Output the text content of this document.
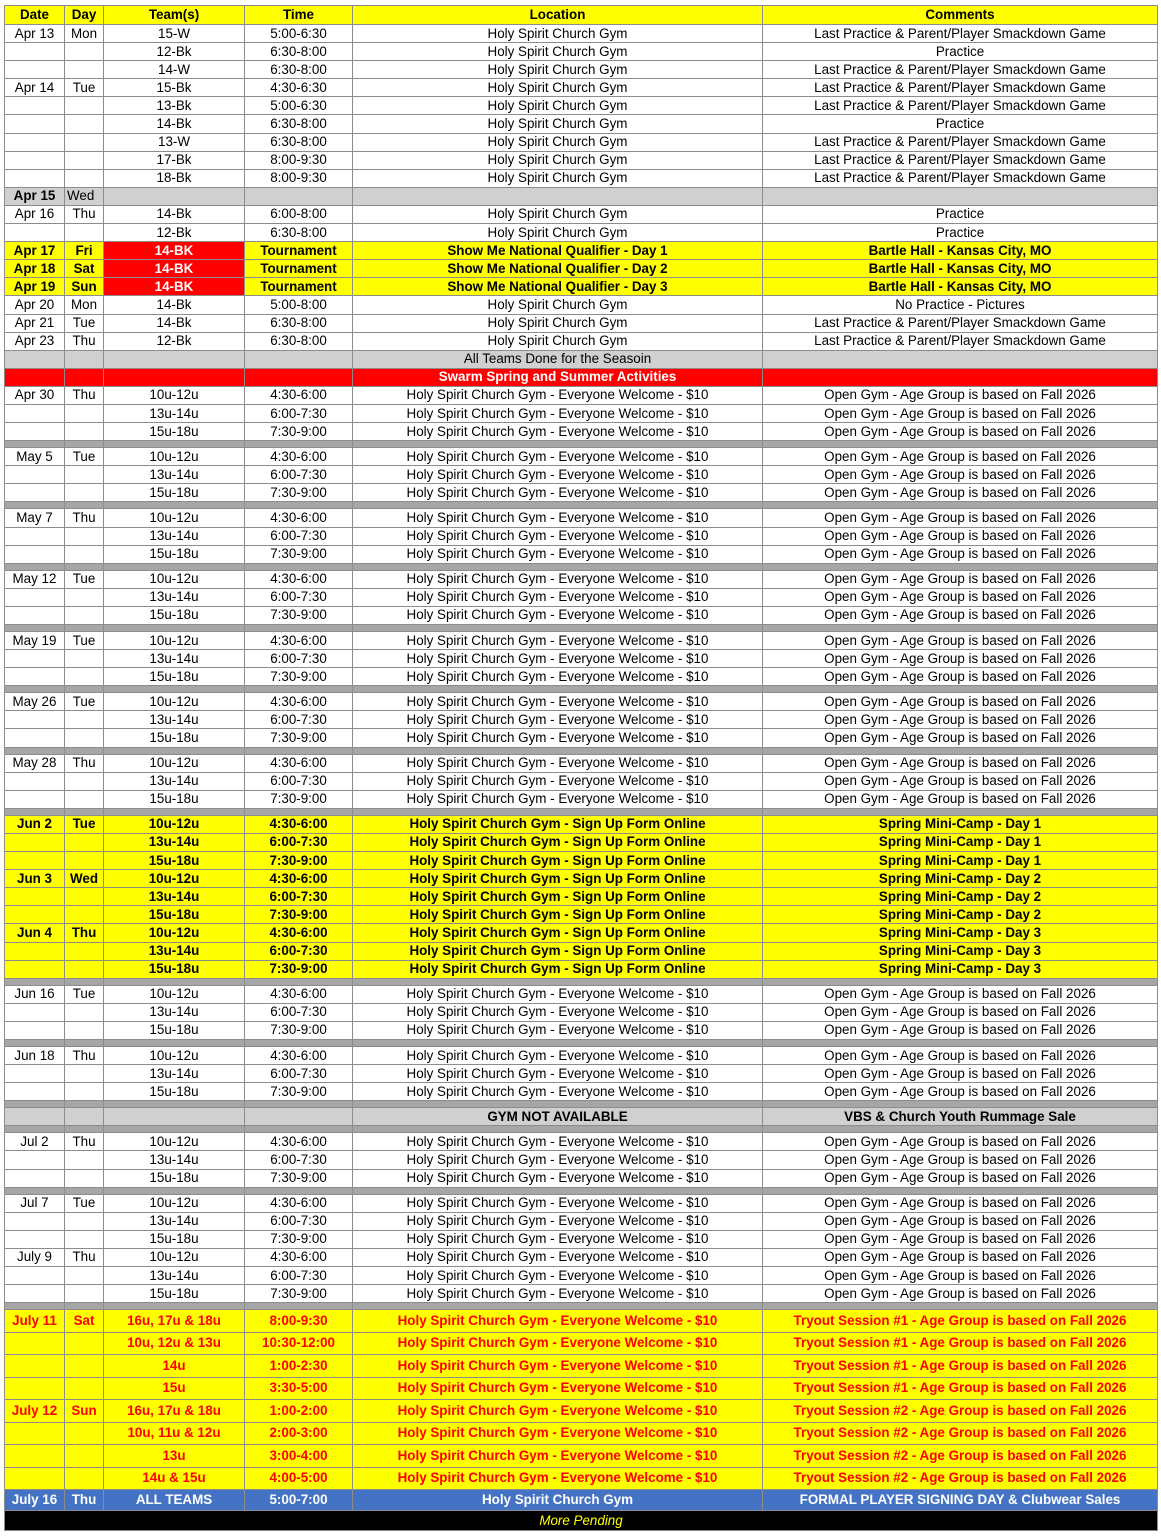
Date	Day	Team(s)	Time	Location	Comments
Apr 13	Mon	15-W	5:00-6:30	Holy Spirit Church Gym	Last Practice & Parent/Player Smackdown Game
		12-Bk	6:30-8:00	Holy Spirit Church Gym	Practice
		14-W	6:30-8:00	Holy Spirit Church Gym	Last Practice & Parent/Player Smackdown Game
Apr 14	Tue	15-Bk	4:30-6:30	Holy Spirit Church Gym	Last Practice & Parent/Player Smackdown Game
		13-Bk	5:00-6:30	Holy Spirit Church Gym	Last Practice & Parent/Player Smackdown Game
		14-Bk	6:30-8:00	Holy Spirit Church Gym	Practice
		13-W	6:30-8:00	Holy Spirit Church Gym	Last Practice & Parent/Player Smackdown Game
		17-Bk	8:00-9:30	Holy Spirit Church Gym	Last Practice & Parent/Player Smackdown Game
		18-Bk	8:00-9:30	Holy Spirit Church Gym	Last Practice & Parent/Player Smackdown Game
Apr 15	Wed				
Apr 16	Thu	14-Bk	6:00-8:00	Holy Spirit Church Gym	Practice
		12-Bk	6:30-8:00	Holy Spirit Church Gym	Practice
Apr 17	Fri	14-BK	Tournament	Show Me National Qualifier - Day 1	Bartle Hall - Kansas City, MO
Apr 18	Sat	14-BK	Tournament	Show Me National Qualifier - Day 2	Bartle Hall - Kansas City, MO
Apr 19	Sun	14-BK	Tournament	Show Me National Qualifier - Day 3	Bartle Hall - Kansas City, MO
Apr 20	Mon	14-Bk	5:00-8:00	Holy Spirit Church Gym	No Practice - Pictures
Apr 21	Tue	14-Bk	6:30-8:00	Holy Spirit Church Gym	Last Practice & Parent/Player Smackdown Game
Apr 23	Thu	12-Bk	6:30-8:00	Holy Spirit Church Gym	Last Practice & Parent/Player Smackdown Game
				All Teams Done for the Seasoin	
				Swarm Spring and Summer Activities	
Apr 30	Thu	10u-12u	4:30-6:00	Holy Spirit Church Gym - Everyone Welcome - $10	Open Gym - Age Group is based on Fall 2026
		13u-14u	6:00-7:30	Holy Spirit Church Gym - Everyone Welcome - $10	Open Gym - Age Group is based on Fall 2026
		15u-18u	7:30-9:00	Holy Spirit Church Gym - Everyone Welcome - $10	Open Gym - Age Group is based on Fall 2026

May 5	Tue	10u-12u	4:30-6:00	Holy Spirit Church Gym - Everyone Welcome - $10	Open Gym - Age Group is based on Fall 2026
		13u-14u	6:00-7:30	Holy Spirit Church Gym - Everyone Welcome - $10	Open Gym - Age Group is based on Fall 2026
		15u-18u	7:30-9:00	Holy Spirit Church Gym - Everyone Welcome - $10	Open Gym - Age Group is based on Fall 2026

May 7	Thu	10u-12u	4:30-6:00	Holy Spirit Church Gym - Everyone Welcome - $10	Open Gym - Age Group is based on Fall 2026
		13u-14u	6:00-7:30	Holy Spirit Church Gym - Everyone Welcome - $10	Open Gym - Age Group is based on Fall 2026
		15u-18u	7:30-9:00	Holy Spirit Church Gym - Everyone Welcome - $10	Open Gym - Age Group is based on Fall 2026

May 12	Tue	10u-12u	4:30-6:00	Holy Spirit Church Gym - Everyone Welcome - $10	Open Gym - Age Group is based on Fall 2026
		13u-14u	6:00-7:30	Holy Spirit Church Gym - Everyone Welcome - $10	Open Gym - Age Group is based on Fall 2026
		15u-18u	7:30-9:00	Holy Spirit Church Gym - Everyone Welcome - $10	Open Gym - Age Group is based on Fall 2026

May 19	Tue	10u-12u	4:30-6:00	Holy Spirit Church Gym - Everyone Welcome - $10	Open Gym - Age Group is based on Fall 2026
		13u-14u	6:00-7:30	Holy Spirit Church Gym - Everyone Welcome - $10	Open Gym - Age Group is based on Fall 2026
		15u-18u	7:30-9:00	Holy Spirit Church Gym - Everyone Welcome - $10	Open Gym - Age Group is based on Fall 2026

May 26	Tue	10u-12u	4:30-6:00	Holy Spirit Church Gym - Everyone Welcome - $10	Open Gym - Age Group is based on Fall 2026
		13u-14u	6:00-7:30	Holy Spirit Church Gym - Everyone Welcome - $10	Open Gym - Age Group is based on Fall 2026
		15u-18u	7:30-9:00	Holy Spirit Church Gym - Everyone Welcome - $10	Open Gym - Age Group is based on Fall 2026

May 28	Thu	10u-12u	4:30-6:00	Holy Spirit Church Gym - Everyone Welcome - $10	Open Gym - Age Group is based on Fall 2026
		13u-14u	6:00-7:30	Holy Spirit Church Gym - Everyone Welcome - $10	Open Gym - Age Group is based on Fall 2026
		15u-18u	7:30-9:00	Holy Spirit Church Gym - Everyone Welcome - $10	Open Gym - Age Group is based on Fall 2026

Jun 2	Tue	10u-12u	4:30-6:00	Holy Spirit Church Gym - Sign Up Form Online	Spring Mini-Camp - Day 1
		13u-14u	6:00-7:30	Holy Spirit Church Gym - Sign Up Form Online	Spring Mini-Camp - Day 1
		15u-18u	7:30-9:00	Holy Spirit Church Gym - Sign Up Form Online	Spring Mini-Camp - Day 1
Jun 3	Wed	10u-12u	4:30-6:00	Holy Spirit Church Gym - Sign Up Form Online	Spring Mini-Camp - Day 2
		13u-14u	6:00-7:30	Holy Spirit Church Gym - Sign Up Form Online	Spring Mini-Camp - Day 2
		15u-18u	7:30-9:00	Holy Spirit Church Gym - Sign Up Form Online	Spring Mini-Camp - Day 2
Jun 4	Thu	10u-12u	4:30-6:00	Holy Spirit Church Gym - Sign Up Form Online	Spring Mini-Camp - Day 3
		13u-14u	6:00-7:30	Holy Spirit Church Gym - Sign Up Form Online	Spring Mini-Camp - Day 3
		15u-18u	7:30-9:00	Holy Spirit Church Gym - Sign Up Form Online	Spring Mini-Camp - Day 3

Jun 16	Tue	10u-12u	4:30-6:00	Holy Spirit Church Gym - Everyone Welcome - $10	Open Gym - Age Group is based on Fall 2026
		13u-14u	6:00-7:30	Holy Spirit Church Gym - Everyone Welcome - $10	Open Gym - Age Group is based on Fall 2026
		15u-18u	7:30-9:00	Holy Spirit Church Gym - Everyone Welcome - $10	Open Gym - Age Group is based on Fall 2026

Jun 18	Thu	10u-12u	4:30-6:00	Holy Spirit Church Gym - Everyone Welcome - $10	Open Gym - Age Group is based on Fall 2026
		13u-14u	6:00-7:30	Holy Spirit Church Gym - Everyone Welcome - $10	Open Gym - Age Group is based on Fall 2026
		15u-18u	7:30-9:00	Holy Spirit Church Gym - Everyone Welcome - $10	Open Gym - Age Group is based on Fall 2026

				GYM NOT AVAILABLE	VBS & Church Youth Rummage Sale

Jul 2	Thu	10u-12u	4:30-6:00	Holy Spirit Church Gym - Everyone Welcome - $10	Open Gym - Age Group is based on Fall 2026
		13u-14u	6:00-7:30	Holy Spirit Church Gym - Everyone Welcome - $10	Open Gym - Age Group is based on Fall 2026
		15u-18u	7:30-9:00	Holy Spirit Church Gym - Everyone Welcome - $10	Open Gym - Age Group is based on Fall 2026

Jul 7	Tue	10u-12u	4:30-6:00	Holy Spirit Church Gym - Everyone Welcome - $10	Open Gym - Age Group is based on Fall 2026
		13u-14u	6:00-7:30	Holy Spirit Church Gym - Everyone Welcome - $10	Open Gym - Age Group is based on Fall 2026
		15u-18u	7:30-9:00	Holy Spirit Church Gym - Everyone Welcome - $10	Open Gym - Age Group is based on Fall 2026
July 9	Thu	10u-12u	4:30-6:00	Holy Spirit Church Gym - Everyone Welcome - $10	Open Gym - Age Group is based on Fall 2026
		13u-14u	6:00-7:30	Holy Spirit Church Gym - Everyone Welcome - $10	Open Gym - Age Group is based on Fall 2026
		15u-18u	7:30-9:00	Holy Spirit Church Gym - Everyone Welcome - $10	Open Gym - Age Group is based on Fall 2026

July 11	Sat	16u, 17u & 18u	8:00-9:30	Holy Spirit Church Gym - Everyone Welcome - $10	Tryout Session #1 - Age Group is based on Fall 2026
		10u, 12u & 13u	10:30-12:00	Holy Spirit Church Gym - Everyone Welcome - $10	Tryout Session #1 - Age Group is based on Fall 2026
		14u	1:00-2:30	Holy Spirit Church Gym - Everyone Welcome - $10	Tryout Session #1 - Age Group is based on Fall 2026
		15u	3:30-5:00	Holy Spirit Church Gym - Everyone Welcome - $10	Tryout Session #1 - Age Group is based on Fall 2026
July 12	Sun	16u, 17u & 18u	1:00-2:00	Holy Spirit Church Gym - Everyone Welcome - $10	Tryout Session #2 - Age Group is based on Fall 2026
		10u, 11u & 12u	2:00-3:00	Holy Spirit Church Gym - Everyone Welcome - $10	Tryout Session #2 - Age Group is based on Fall 2026
		13u	3:00-4:00	Holy Spirit Church Gym - Everyone Welcome - $10	Tryout Session #2 - Age Group is based on Fall 2026
		14u & 15u	4:00-5:00	Holy Spirit Church Gym - Everyone Welcome - $10	Tryout Session #2 - Age Group is based on Fall 2026
July 16	Thu	ALL TEAMS	5:00-7:00	Holy Spirit Church Gym	FORMAL PLAYER SIGNING DAY & Clubwear Sales
More Pending					
